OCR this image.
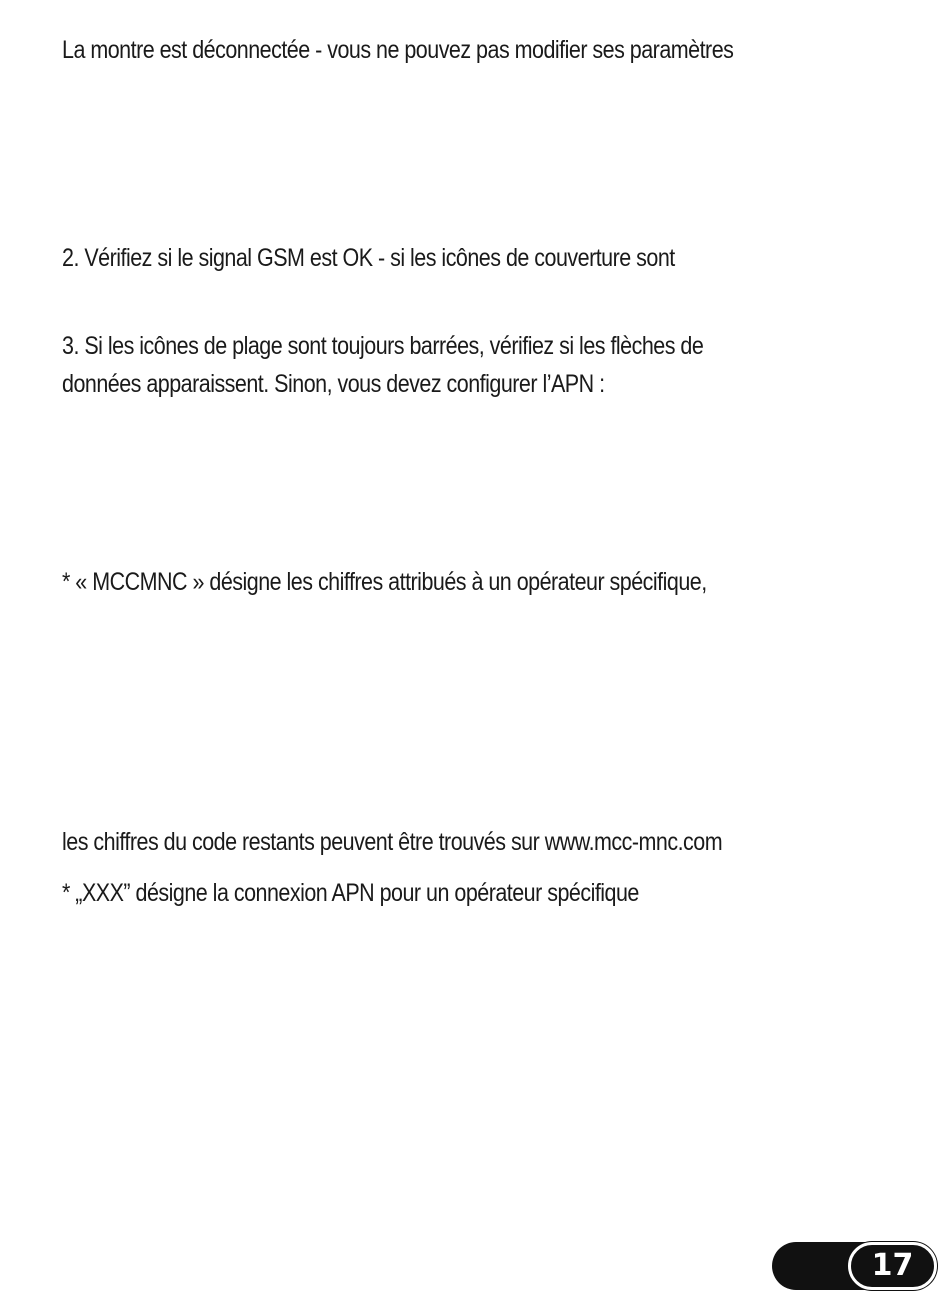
La montre est déconnectée - vous ne pouvez pas modifier ses paramètres

2. Vérifiez si le signal GSM est OK - si les icônes de couverture sont

3. Si les icônes de plage sont toujours barrées, vérifiez si les flèches de

données apparaissent. Sinon, vous devez configurer l’APN :

* « MCCMNC » désigne les chiffres attribués à un opérateur spécifique,

les chiffres du code restants peuvent être trouvés sur www.mcc-mnc.com

* „XXX” désigne la connexion APN pour un opérateur spécifique

17
